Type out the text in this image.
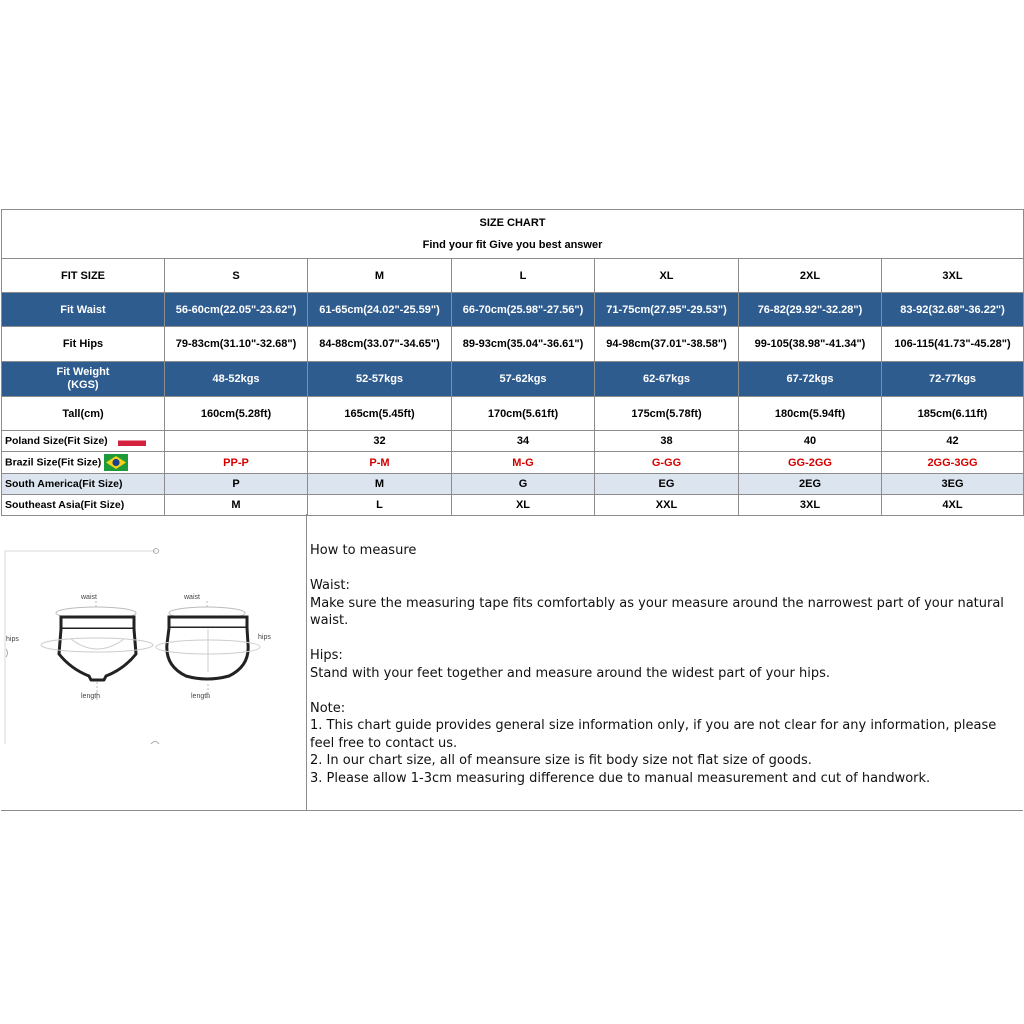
SIZE CHART
Find your fit Give you best answer						

FIT SIZE	S	M	L	XL	2XL	3XL
Fit Waist	56-60cm(22.05"-23.62")	61-65cm(24.02"-25.59")	66-70cm(25.98"-27.56")	71-75cm(27.95"-29.53")	76-82(29.92"-32.28")	83-92(32.68"-36.22")
Fit Hips	79-83cm(31.10"-32.68")	84-88cm(33.07"-34.65")	89-93cm(35.04"-36.61")	94-98cm(37.01"-38.58")	99-105(38.98"-41.34")	106-115(41.73"-45.28")

Fit Weight
(KGS)	48-52kgs	52-57kgs	57-62kgs	62-67kgs	67-72kgs	72-77kgs
Tall(cm)	160cm(5.28ft)	165cm(5.45ft)	170cm(5.61ft)	175cm(5.78ft)	180cm(5.94ft)	185cm(6.11ft)
Poland Size(Fit Size)		32	34	38	40	42
Brazil Size(Fit Size)	PP-P	P-M	M-G	G-GG	GG-2GG	2GG-3GG
South America(Fit Size)	P	M	G	EG	2EG	3EG
Southeast Asia(Fit Size)	M	L	XL	XXL	3XL	4XL
waist
hips
length
waist
hips
length

How to measure

Waist:

Make sure the measuring tape fits comfortably as your measure around the narrowest part of your natural waist.

Hips:

Stand with your feet together and measure around the widest part of your hips.

Note:

1. This chart guide provides general size information only, if you are not clear for any information, please feel free to contact us.

2. In our chart size, all of meansure size is fit body size not flat size of goods.

3. Please allow 1-3cm measuring difference due to manual measurement and cut of handwork.
